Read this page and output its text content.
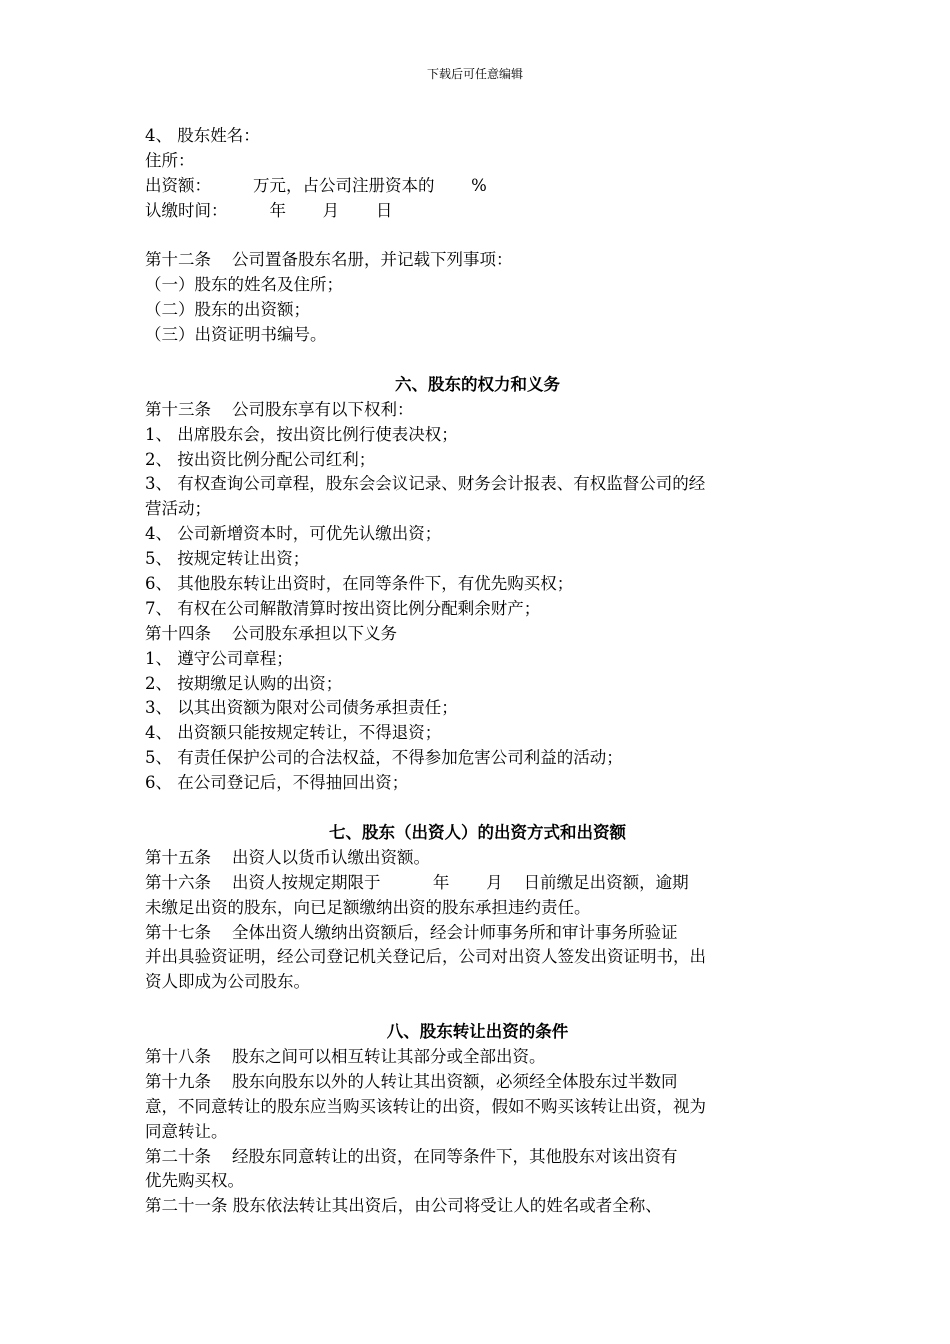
下载后可任意编辑
4、 股东姓名：
住所：
出资额：        万元，占公司注册资本的       %
认缴时间：        年       月       日
第十二条    公司置备股东名册，并记载下列事项：
（一）股东的姓名及住所；
（二）股东的出资额；
（三）出资证明书编号。
六、股东的权力和义务
第十三条    公司股东享有以下权利：
1、 出席股东会，按出资比例行使表决权；
2、 按出资比例分配公司红利；
3、 有权查询公司章程，股东会会议记录、财务会计报表、有权监督公司的经
营活动；
4、 公司新增资本时，可优先认缴出资；
5、 按规定转让出资；
6、 其他股东转让出资时，在同等条件下，有优先购买权；
7、 有权在公司解散清算时按出资比例分配剩余财产；
第十四条    公司股东承担以下义务
1、 遵守公司章程；
2、 按期缴足认购的出资；
3、 以其出资额为限对公司债务承担责任；
4、 出资额只能按规定转让，不得退资；
5、 有责任保护公司的合法权益，不得参加危害公司利益的活动；
6、 在公司登记后，不得抽回出资；
七、股东（出资人）的出资方式和出资额
第十五条    出资人以货币认缴出资额。
第十六条    出资人按规定期限于          年       月    日前缴足出资额，逾期
未缴足出资的股东，向已足额缴纳出资的股东承担违约责任。
第十七条    全体出资人缴纳出资额后，经会计师事务所和审计事务所验证
并出具验资证明，经公司登记机关登记后，公司对出资人签发出资证明书，出
资人即成为公司股东。
八、股东转让出资的条件
第十八条    股东之间可以相互转让其部分或全部出资。
第十九条    股东向股东以外的人转让其出资额，必须经全体股东过半数同
意，不同意转让的股东应当购买该转让的出资，假如不购买该转让出资，视为
同意转让。
第二十条    经股东同意转让的出资，在同等条件下，其他股东对该出资有
优先购买权。
第二十一条 股东依法转让其出资后，由公司将受让人的姓名或者全称、
